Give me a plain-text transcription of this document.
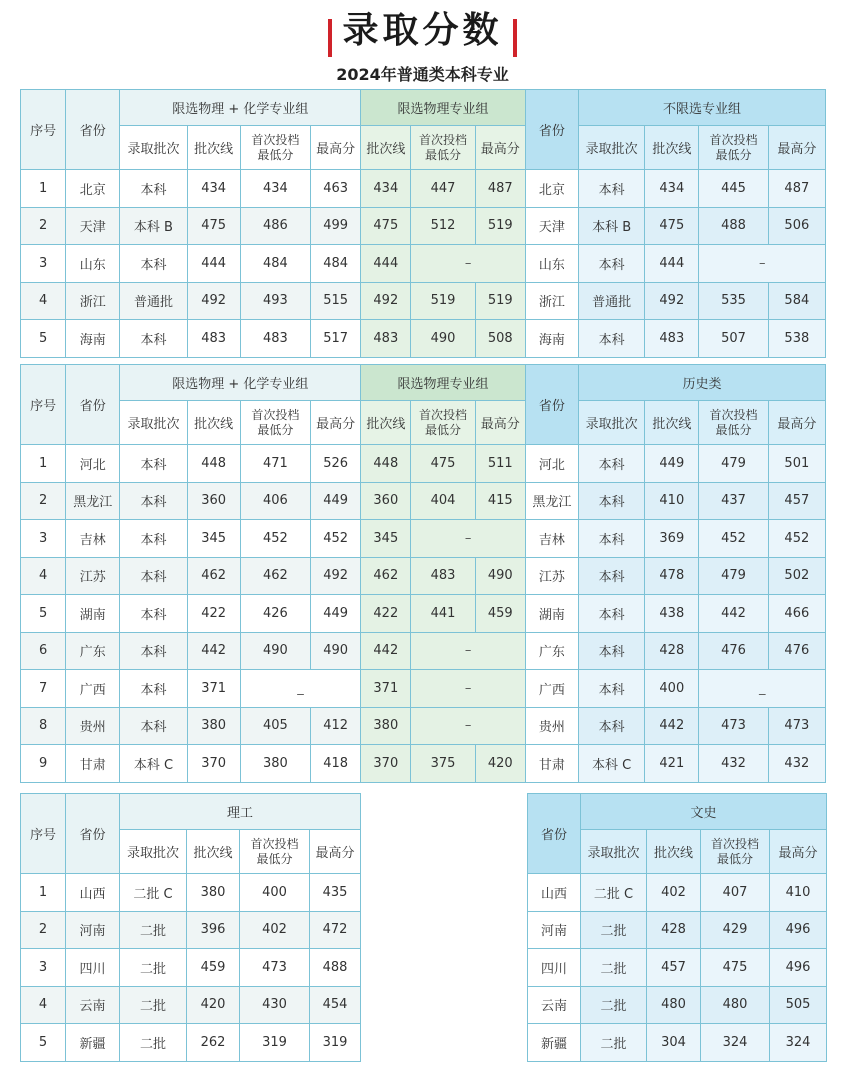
录取分数
2024年普通类本科专业
序号	省份	限选物理 + 化学专业组				限选物理专业组			省份	不限选专业组			
		录取批次	批次线	首次投档
最低分	最高分	批次线	首次投档
最低分	最高分		录取批次	批次线	首次投档
最低分	最高分
1	北京	本科	434	434	463	434	447	487	北京	本科	434	445	487
2	天津	本科 B	475	486	499	475	512	519	天津	本科 B	475	488	506
3	山东	本科	444	484	484	444	–		山东	本科	444	–	
4	浙江	普通批	492	493	515	492	519	519	浙江	普通批	492	535	584
5	海南	本科	483	483	517	483	490	508	海南	本科	483	507	538
序号	省份	限选物理 + 化学专业组				限选物理专业组			省份	历史类			
		录取批次	批次线	首次投档
最低分	最高分	批次线	首次投档
最低分	最高分		录取批次	批次线	首次投档
最低分	最高分
1	河北	本科	448	471	526	448	475	511	河北	本科	449	479	501
2	黑龙江	本科	360	406	449	360	404	415	黑龙江	本科	410	437	457
3	吉林	本科	345	452	452	345	–		吉林	本科	369	452	452
4	江苏	本科	462	462	492	462	483	490	江苏	本科	478	479	502
5	湖南	本科	422	426	449	422	441	459	湖南	本科	438	442	466
6	广东	本科	442	490	490	442	–		广东	本科	428	476	476
7	广西	本科	371	_		371	–		广西	本科	400	_	
8	贵州	本科	380	405	412	380	–		贵州	本科	442	473	473
9	甘肃	本科 C	370	380	418	370	375	420	甘肃	本科 C	421	432	432
序号	省份	理工			
		录取批次	批次线	首次投档
最低分	最高分
1	山西	二批 C	380	400	435
2	河南	二批	396	402	472
3	四川	二批	459	473	488
4	云南	二批	420	430	454
5	新疆	二批	262	319	319
省份	文史			
	录取批次	批次线	首次投档
最低分	最高分
山西	二批 C	402	407	410
河南	二批	428	429	496
四川	二批	457	475	496
云南	二批	480	480	505
新疆	二批	304	324	324
